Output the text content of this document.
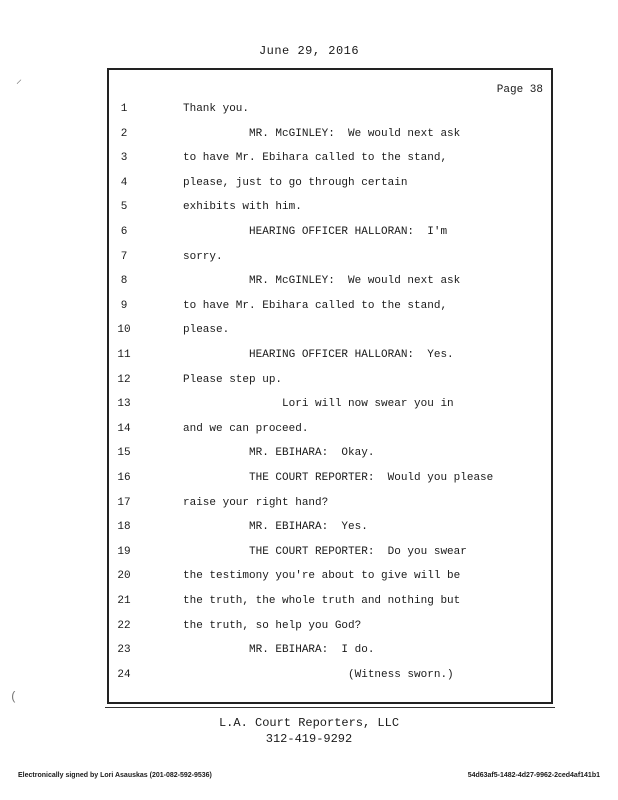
June 29, 2016
Page 38
1	Thank you.
2	MR. McGINLEY:  We would next ask
3	to have Mr. Ebihara called to the stand,
4	please, just to go through certain
5	exhibits with him.
6	HEARING OFFICER HALLORAN:  I'm
7	sorry.
8	MR. McGINLEY:  We would next ask
9	to have Mr. Ebihara called to the stand,
10	please.
11	HEARING OFFICER HALLORAN:  Yes.
12	Please step up.
13	Lori will now swear you in
14	and we can proceed.
15	MR. EBIHARA:  Okay.
16	THE COURT REPORTER:  Would you please
17	raise your right hand?
18	MR. EBIHARA:  Yes.
19	THE COURT REPORTER:  Do you swear
20	the testimony you're about to give will be
21	the truth, the whole truth and nothing but
22	the truth, so help you God?
23	MR. EBIHARA:  I do.
24	(Witness sworn.)
L.A. Court Reporters, LLC
312-419-9292
Electronically signed by Lori Asauskas (201-082-592-9536)	54d63af5-1482-4d27-9962-2ced4af141b1
⸝
(
